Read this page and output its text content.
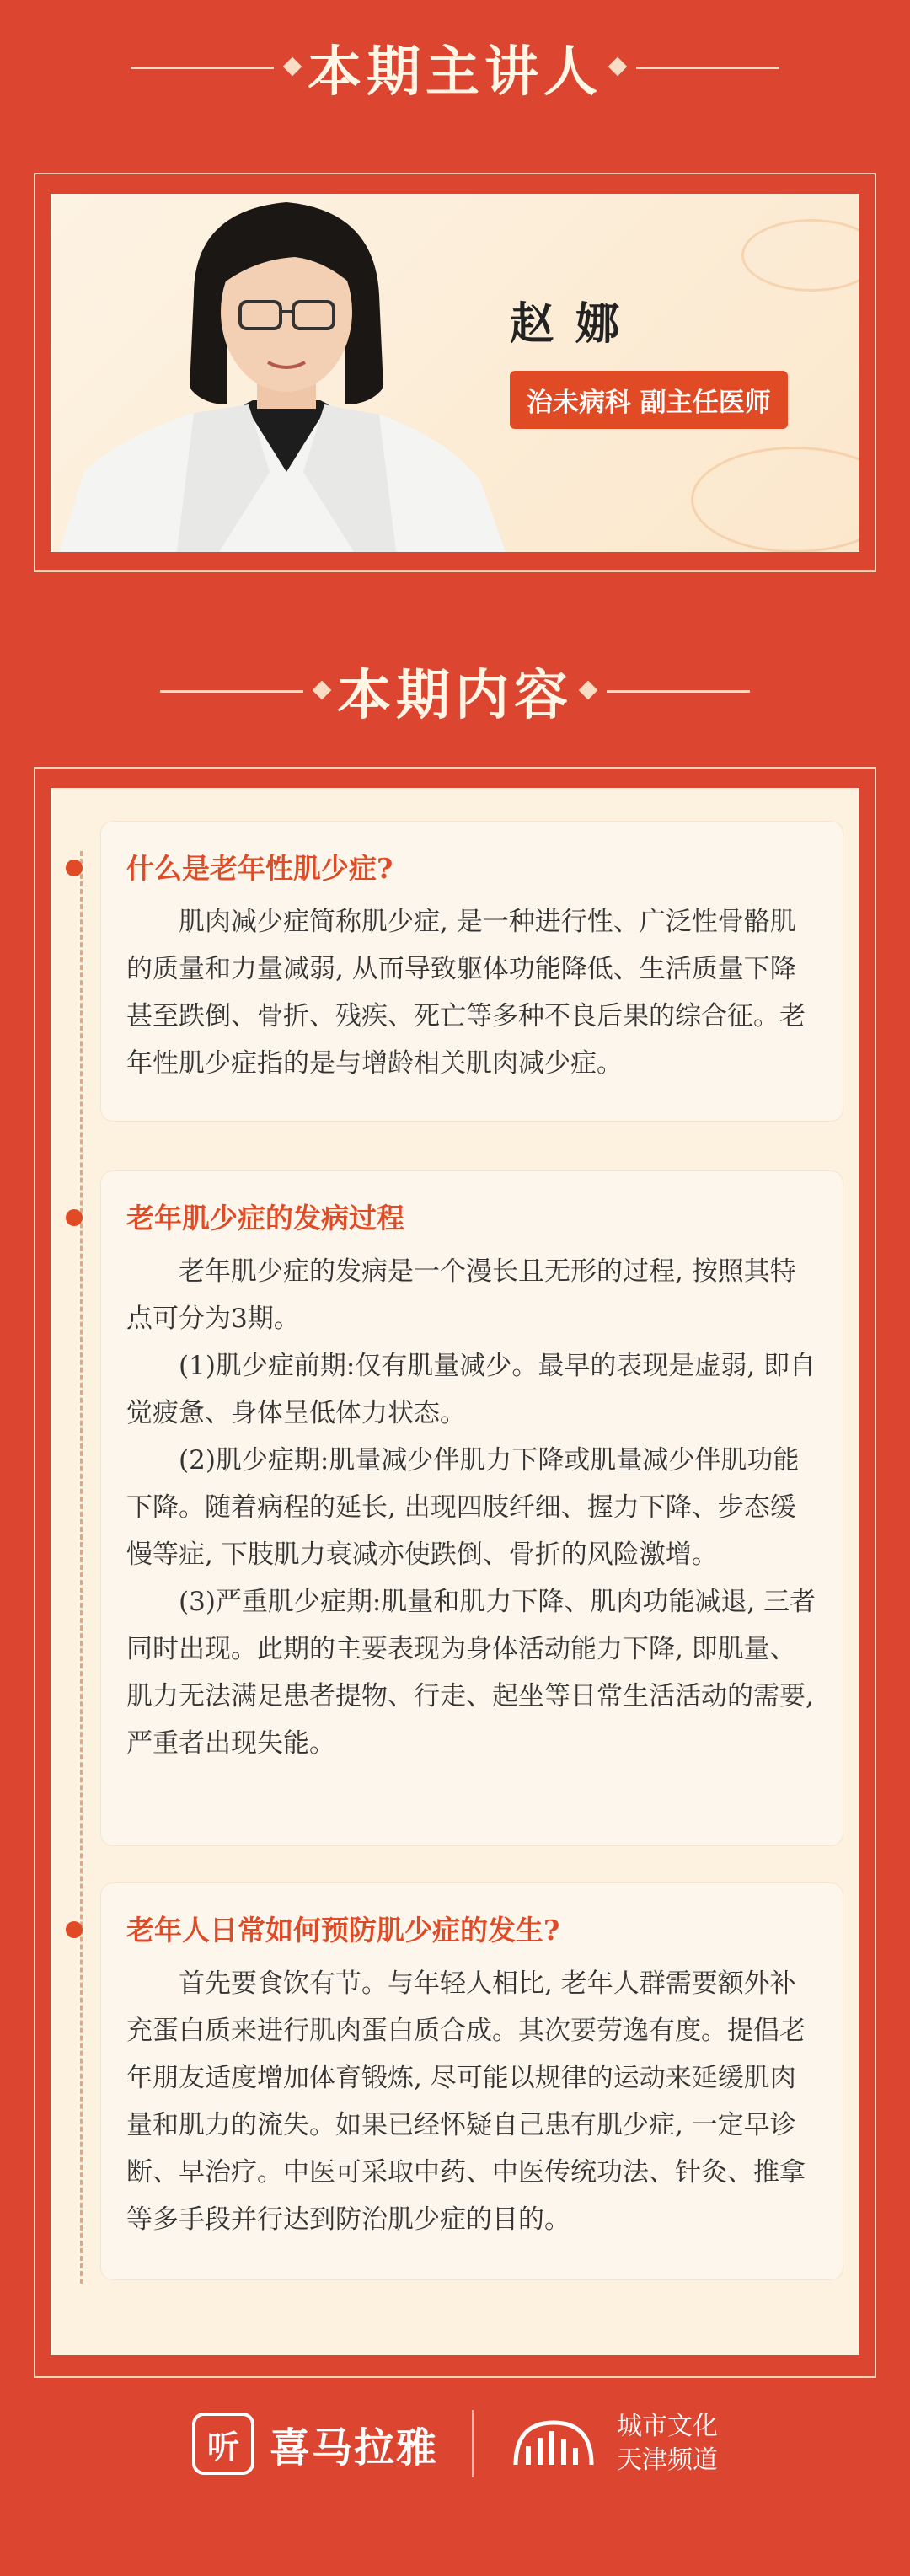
本期主讲人
赵 娜
治未病科 副主任医师
本期内容
什么是老年性肌少症?

肌肉减少症简称肌少症, 是一种进行性、广泛性骨骼肌的质量和力量减弱, 从而导致躯体功能降低、生活质量下降甚至跌倒、骨折、残疾、死亡等多种不良后果的综合征。老年性肌少症指的是与增龄相关肌肉减少症。

老年肌少症的发病过程

老年肌少症的发病是一个漫长且无形的过程, 按照其特点可分为3期。

(1)肌少症前期:仅有肌量减少。最早的表现是虚弱, 即自觉疲惫、身体呈低体力状态。

(2)肌少症期:肌量减少伴肌力下降或肌量减少伴肌功能下降。随着病程的延长, 出现四肢纤细、握力下降、步态缓慢等症, 下肢肌力衰减亦使跌倒、骨折的风险激增。

(3)严重肌少症期:肌量和肌力下降、肌肉功能减退, 三者同时出现。此期的主要表现为身体活动能力下降, 即肌量、肌力无法满足患者提物、行走、起坐等日常生活活动的需要, 严重者出现失能。

老年人日常如何预防肌少症的发生?

首先要食饮有节。与年轻人相比, 老年人群需要额外补充蛋白质来进行肌肉蛋白质合成。其次要劳逸有度。提倡老年朋友适度增加体育锻炼, 尽可能以规律的运动来延缓肌肉量和肌力的流失。如果已经怀疑自己患有肌少症, 一定早诊断、早治疗。中医可采取中药、中医传统功法、针灸、推拿等多手段并行达到防治肌少症的目的。

听 喜马拉雅	城市文化
天津频道
